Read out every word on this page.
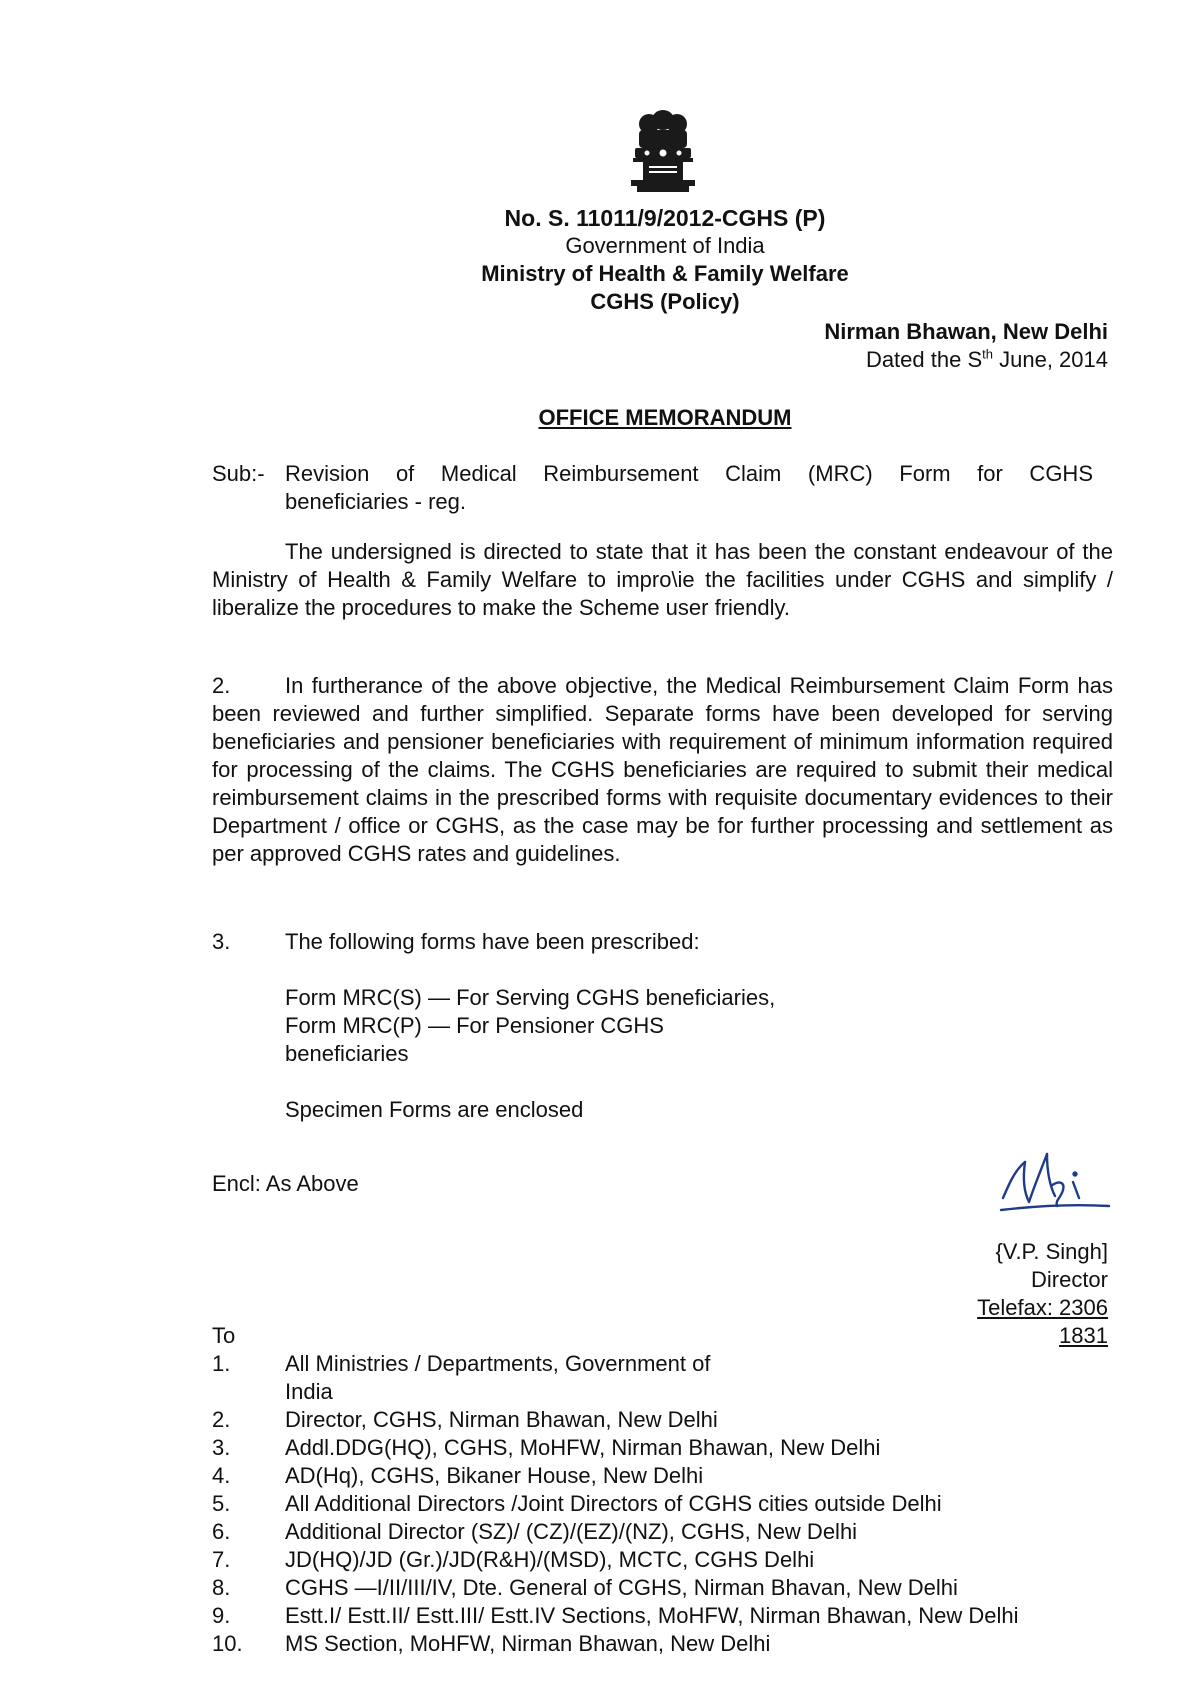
No. S. 11011/9/2012-CGHS (P)
Government of India
Ministry of Health & Family Welfare
CGHS (Policy)
Nirman Bhawan, New Delhi
Dated the $S^{th}$ June, 2014
OFFICE MEMORANDUM
Sub:- Revision of Medical Reimbursement Claim (MRC) Form for CGHS
beneficiaries - reg.
The undersigned is directed to state that it has been the constant endeavour of the Ministry of Health & Family Welfare to impro\ie the facilities under CGHS and simplify / liberalize the procedures to make the Scheme user friendly.
2.	In furtherance of the above objective, the Medical Reimbursement Claim Form has been reviewed and further simplified. Separate forms have been developed for serving beneficiaries and pensioner beneficiaries with requirement of minimum information required for processing of the claims. The CGHS beneficiaries are required to submit their medical reimbursement claims in the prescribed forms with requisite documentary evidences to their Department / office or CGHS, as the case may be for further processing and settlement as per approved CGHS rates and guidelines.
3. The following forms have been prescribed:
Form MRC(S) — For Serving CGHS beneficiaries,
Form MRC(P) — For Pensioner CGHS
beneficiaries
Specimen Forms are enclosed
Encl: As Above
{V.P. Singh]
Director
Telefax: 2306
1831
To
1. All Ministries / Departments, Government of
India
2. Director, CGHS, Nirman Bhawan, New Delhi
3. Addl.DDG(HQ), CGHS, MoHFW, Nirman Bhawan, New Delhi
4. AD(Hq), CGHS, Bikaner House, New Delhi
5. All Additional Directors /Joint Directors of CGHS cities outside Delhi
6. Additional Director (SZ)/ (CZ)/(EZ)/(NZ), CGHS, New Delhi
7. JD(HQ)/JD (Gr.)/JD(R&H)/(MSD), MCTC, CGHS Delhi
8. CGHS —I/II/III/IV, Dte. General of CGHS, Nirman Bhavan, New Delhi
9. Estt.I/ Estt.II/ Estt.III/ Estt.IV Sections, MoHFW, Nirman Bhawan, New Delhi
10. MS Section, MoHFW, Nirman Bhawan, New Delhi
